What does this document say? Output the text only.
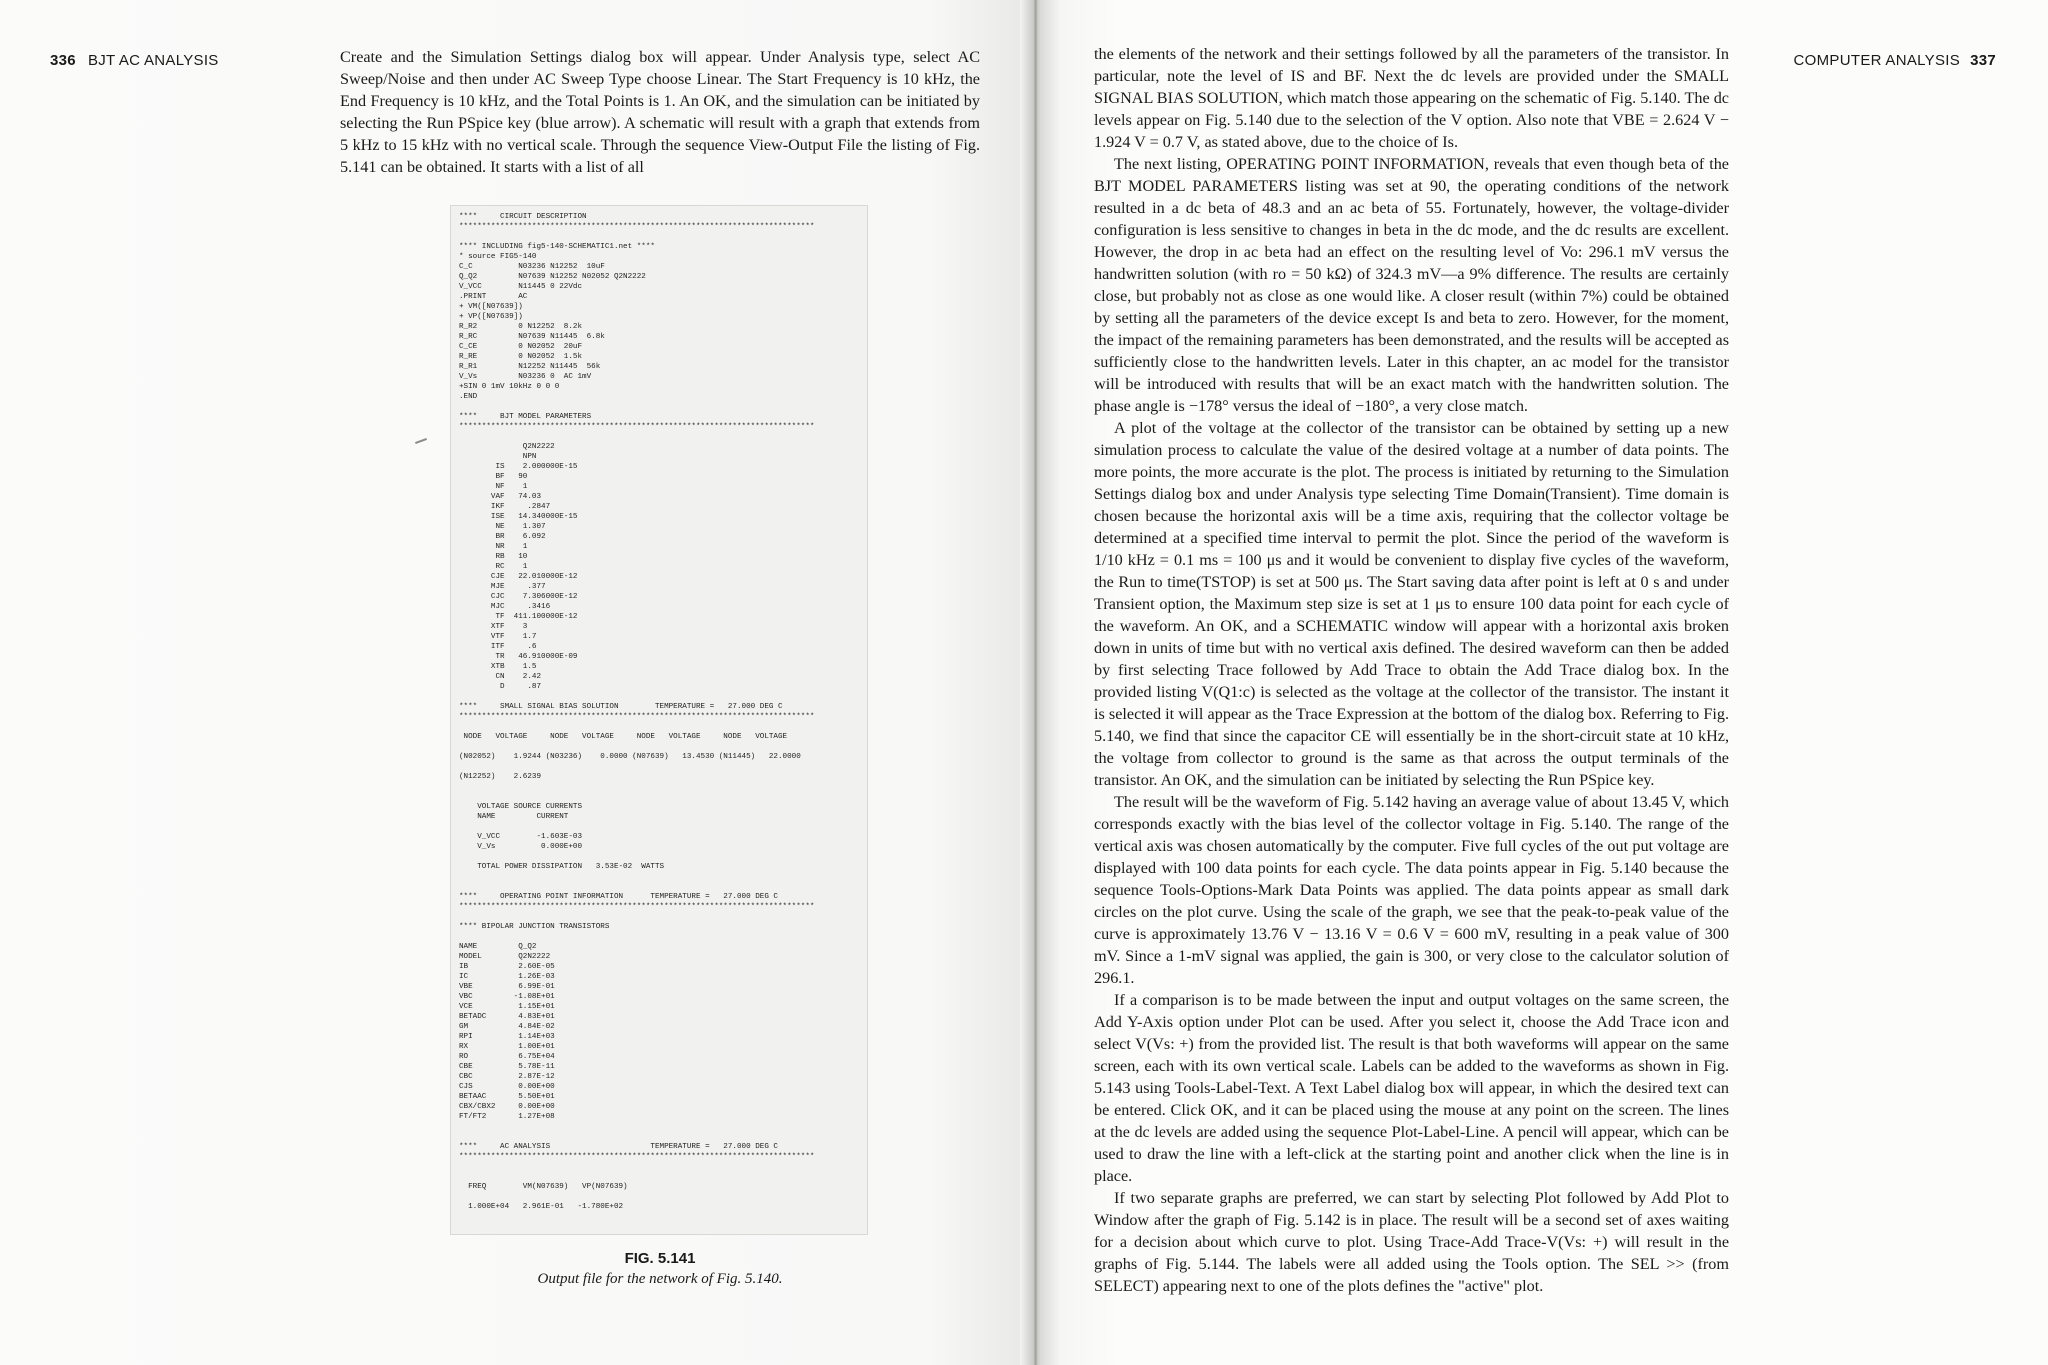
336 BJT AC ANALYSIS	Create and the Simulation Settings dialog box will appear. Under Analysis type, select AC Sweep/Noise and then under AC Sweep Type choose Linear. The Start Frequency is 10 kHz, the End Frequency is 10 kHz, and the Total Points is 1. An OK, and the simulation can be initiated by selecting the Run PSpice key (blue arrow). A schematic will result with a graph that extends from 5 kHz to 15 kHz with no vertical scale. Through the sequence View-Output File the listing of Fig. 5.141 can be obtained. It starts with a list of all

****     CIRCUIT DESCRIPTION
******************************************************************************

**** INCLUDING fig5-140-SCHEMATIC1.net ****
* source FIG5-140
C_C          N03236 N12252  10uF
Q_Q2         N07639 N12252 N02052 Q2N2222
V_VCC        N11445 0 22Vdc
.PRINT       AC
+ VM([N07639])
+ VP([N07639])
R_R2         0 N12252  8.2k
R_RC         N07639 N11445  6.8k
C_CE         0 N02052  20uF
R_RE         0 N02052  1.5k
R_R1         N12252 N11445  56k
V_Vs         N03236 0  AC 1mV
+SIN 0 1mV 10kHz 0 0 0
.END

****     BJT MODEL PARAMETERS
******************************************************************************

Q2N2222
NPN
IS    2.000000E-15
BF   90
NF    1
VAF   74.03
IKF     .2847
ISE   14.340000E-15
NE    1.307
BR    6.092
NR    1
RB   10
RC    1
CJE   22.010000E-12
MJE     .377
CJC    7.306000E-12
MJC     .3416
TF  411.100000E-12
XTF    3
VTF    1.7
ITF     .6
TR   46.910000E-09
XTB    1.5
CN    2.42
D     .87

****     SMALL SIGNAL BIAS SOLUTION        TEMPERATURE =   27.000 DEG C
******************************************************************************

NODE   VOLTAGE     NODE   VOLTAGE     NODE   VOLTAGE     NODE   VOLTAGE

(N02052)    1.9244 (N03236)    0.0000 (N07639)   13.4530 (N11445)   22.0000

(N12252)    2.6239

VOLTAGE SOURCE CURRENTS
NAME         CURRENT

V_VCC        -1.603E-03
V_Vs          0.000E+00

TOTAL POWER DISSIPATION   3.53E-02  WATTS

****     OPERATING POINT INFORMATION      TEMPERATURE =   27.000 DEG C
******************************************************************************

**** BIPOLAR JUNCTION TRANSISTORS

NAME         Q_Q2
MODEL        Q2N2222
IB           2.60E-05
IC           1.26E-03
VBE          6.99E-01
VBC         -1.08E+01
VCE          1.15E+01
BETADC       4.83E+01
GM           4.84E-02
RPI          1.14E+03
RX           1.00E+01
RO           6.75E+04
CBE          5.78E-11
CBC          2.87E-12
CJS          0.00E+00
BETAAC       5.50E+01
CBX/CBX2     0.00E+00
FT/FT2       1.27E+08

****     AC ANALYSIS                      TEMPERATURE =   27.000 DEG C
******************************************************************************

FREQ        VM(N07639)   VP(N07639)

1.000E+04   2.961E-01   -1.780E+02
FIG. 5.141
Output file for the network of Fig. 5.140.
COMPUTER ANALYSIS 337

the elements of the network and their settings followed by all the parameters of the transistor. In particular, note the level of IS and BF. Next the dc levels are provided under the SMALL SIGNAL BIAS SOLUTION, which match those appearing on the schematic of Fig. 5.140. The dc levels appear on Fig. 5.140 due to the selection of the V option. Also note that VBE = 2.624 V − 1.924 V = 0.7 V, as stated above, due to the choice of Is.

The next listing, OPERATING POINT INFORMATION, reveals that even though beta of the BJT MODEL PARAMETERS listing was set at 90, the operating conditions of the network resulted in a dc beta of 48.3 and an ac beta of 55. Fortunately, however, the voltage-divider configuration is less sensitive to changes in beta in the dc mode, and the dc results are excellent. However, the drop in ac beta had an effect on the resulting level of Vo: 296.1 mV versus the handwritten solution (with ro = 50 kΩ) of 324.3 mV—a 9% difference. The results are certainly close, but probably not as close as one would like. A closer result (within 7%) could be obtained by setting all the parameters of the device except Is and beta to zero. However, for the moment, the impact of the remaining parameters has been demonstrated, and the results will be accepted as sufficiently close to the handwritten levels. Later in this chapter, an ac model for the transistor will be introduced with results that will be an exact match with the handwritten solution. The phase angle is −178° versus the ideal of −180°, a very close match.

A plot of the voltage at the collector of the transistor can be obtained by setting up a new simulation process to calculate the value of the desired voltage at a number of data points. The more points, the more accurate is the plot. The process is initiated by returning to the Simulation Settings dialog box and under Analysis type selecting Time Domain(Transient). Time domain is chosen because the horizontal axis will be a time axis, requiring that the collector voltage be determined at a specified time interval to permit the plot. Since the period of the waveform is 1/10 kHz = 0.1 ms = 100 μs and it would be convenient to display five cycles of the waveform, the Run to time(TSTOP) is set at 500 μs. The Start saving data after point is left at 0 s and under Transient option, the Maximum step size is set at 1 μs to ensure 100 data point for each cycle of the waveform. An OK, and a SCHEMATIC window will appear with a horizontal axis broken down in units of time but with no vertical axis defined. The desired waveform can then be added by first selecting Trace followed by Add Trace to obtain the Add Trace dialog box. In the provided listing V(Q1:c) is selected as the voltage at the collector of the transistor. The instant it is selected it will appear as the Trace Expression at the bottom of the dialog box. Referring to Fig. 5.140, we find that since the capacitor CE will essentially be in the short-circuit state at 10 kHz, the voltage from collector to ground is the same as that across the output terminals of the transistor. An OK, and the simulation can be initiated by selecting the Run PSpice key.

The result will be the waveform of Fig. 5.142 having an average value of about 13.45 V, which corresponds exactly with the bias level of the collector voltage in Fig. 5.140. The range of the vertical axis was chosen automatically by the computer. Five full cycles of the out put voltage are displayed with 100 data points for each cycle. The data points appear in Fig. 5.140 because the sequence Tools-Options-Mark Data Points was applied. The data points appear as small dark circles on the plot curve. Using the scale of the graph, we see that the peak-to-peak value of the curve is approximately 13.76 V − 13.16 V = 0.6 V = 600 mV, resulting in a peak value of 300 mV. Since a 1-mV signal was applied, the gain is 300, or very close to the calculator solution of 296.1.

If a comparison is to be made between the input and output voltages on the same screen, the Add Y-Axis option under Plot can be used. After you select it, choose the Add Trace icon and select V(Vs: +) from the provided list. The result is that both waveforms will appear on the same screen, each with its own vertical scale. Labels can be added to the waveforms as shown in Fig. 5.143 using Tools-Label-Text. A Text Label dialog box will appear, in which the desired text can be entered. Click OK, and it can be placed using the mouse at any point on the screen. The lines at the dc levels are added using the sequence Plot-Label-Line. A pencil will appear, which can be used to draw the line with a left-click at the starting point and another click when the line is in place.

If two separate graphs are preferred, we can start by selecting Plot followed by Add Plot to Window after the graph of Fig. 5.142 is in place. The result will be a second set of axes waiting for a decision about which curve to plot. Using Trace-Add Trace-V(Vs: +) will result in the graphs of Fig. 5.144. The labels were all added using the Tools option. The SEL >> (from SELECT) appearing next to one of the plots defines the "active" plot.
